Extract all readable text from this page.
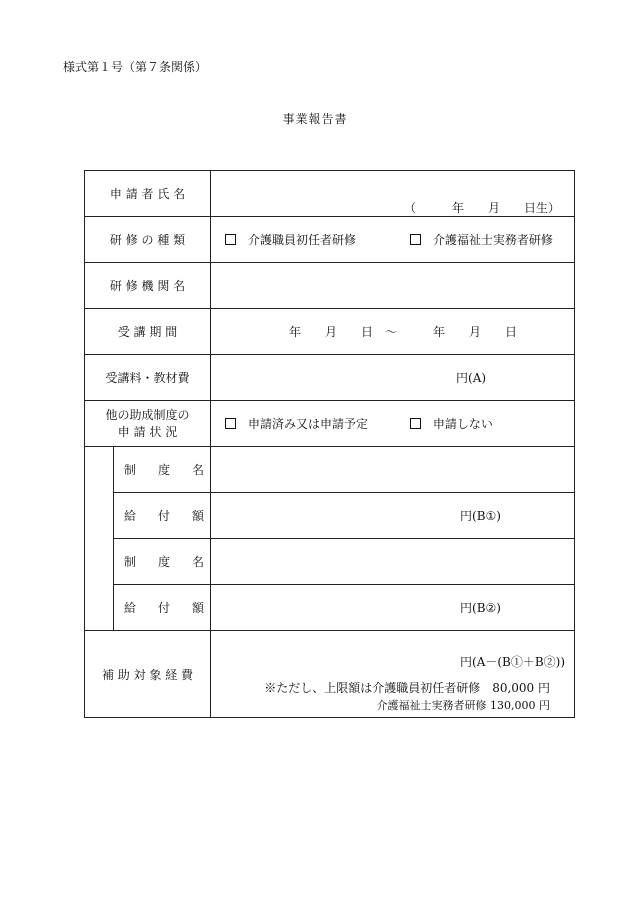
様式第１号（第７条関係）
事業報告書
申 請 者 氏 名		（　　　年　　月　　日生）

研 修 の 種 類		介護職員初任者研修 介護福祉士実務者研修

研 修 機 関 名		
受 講 期 間		年　　月　　日　～　　　年　　月　　日
受講料・教材費		円(A)

他の助成制度の
申 請 状 況		申請済み又は申請予定 申請しない

	制 度 名	

	給 付 額	円(B①)

	制 度 名	

	給 付 額	円(B②)
補 助 対 象 経 費		円(A－(B①＋B②))
※ただし、上限額は介護職員初任者研修　80,000 円
介護福祉士実務者研修 130,000 円
